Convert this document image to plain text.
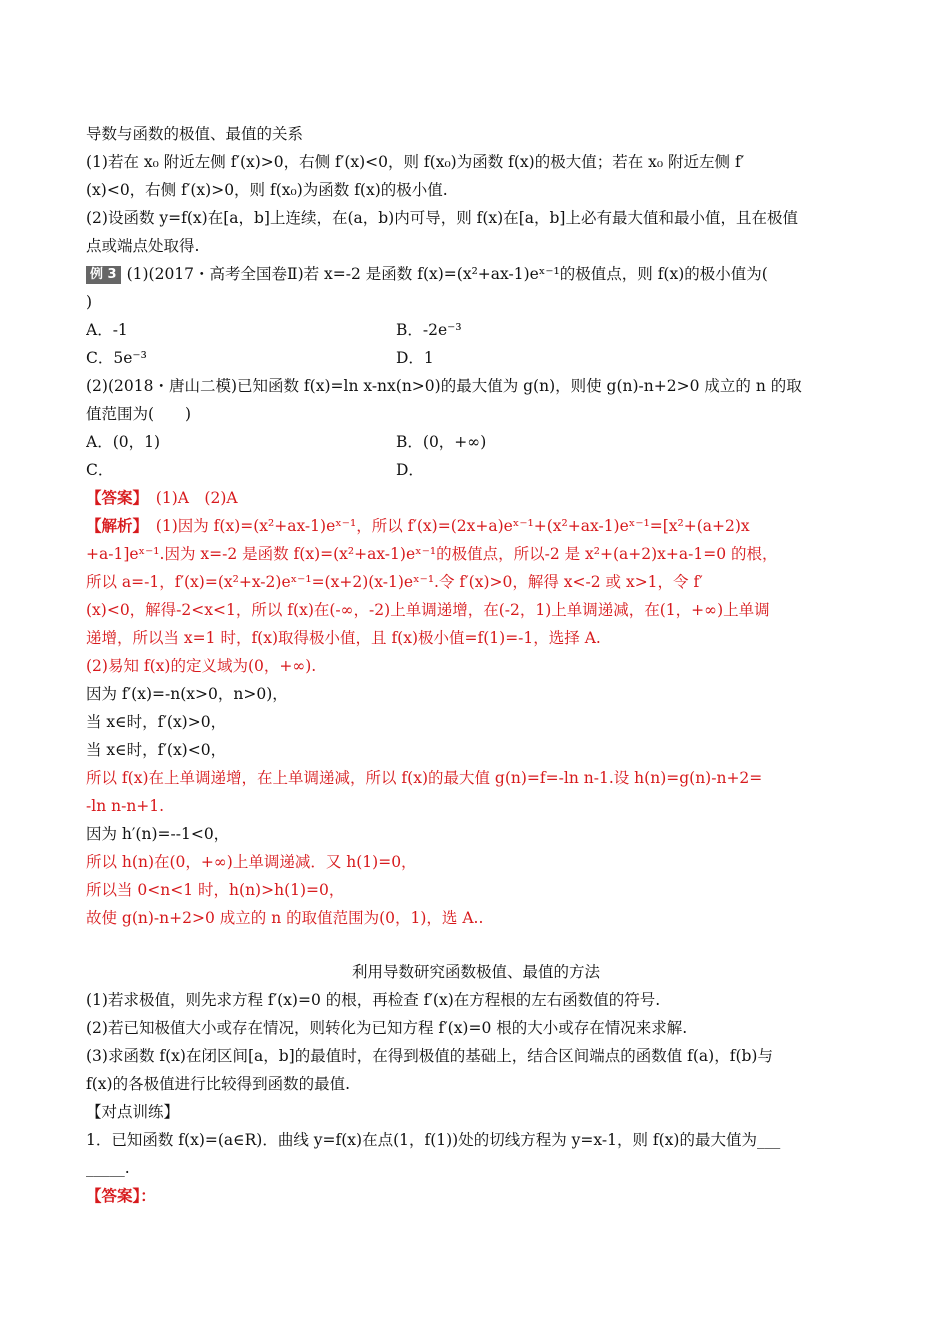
导数与函数的极值、最值的关系
(1)若在 x₀ 附近左侧 f′(x)>0，右侧 f′(x)<0，则 f(x₀)为函数 f(x)的极大值；若在 x₀ 附近左侧 f′
(x)<0，右侧 f′(x)>0，则 f(x₀)为函数 f(x)的极小值.
(2)设函数 y=f(x)在[a，b]上连续，在(a，b)内可导，则 f(x)在[a，b]上必有最大值和最小值，且在极值
点或端点处取得.
例 3 (1)(2017・高考全国卷Ⅱ)若 x=-2 是函数 f(x)=(x²+ax-1)eˣ⁻¹的极值点，则 f(x)的极小值为(
)
A．-1	B．-2e⁻³
C．5e⁻³	D．1
(2)(2018・唐山二模)已知函数 f(x)=ln x-nx(n>0)的最大值为 g(n)，则使 g(n)-n+2>0 成立的 n 的取
值范围为(　　)
A．(0，1)	B．(0，+∞)
C．	D．
【答案】　 (1)A　(2)A
【解析】　 (1)因为 f(x)=(x²+ax-1)eˣ⁻¹，所以 f′(x)=(2x+a)eˣ⁻¹+(x²+ax-1)eˣ⁻¹=[x²+(a+2)x
+a-1]eˣ⁻¹.因为 x=-2 是函数 f(x)=(x²+ax-1)eˣ⁻¹的极值点，所以-2 是 x²+(a+2)x+a-1=0 的根，
所以 a=-1，f′(x)=(x²+x-2)eˣ⁻¹=(x+2)(x-1)eˣ⁻¹.令 f′(x)>0，解得 x<-2 或 x>1，令 f′
(x)<0，解得-2<x<1，所以 f(x)在(-∞，-2)上单调递增，在(-2，1)上单调递减，在(1，+∞)上单调
递增，所以当 x=1 时，f(x)取得极小值，且 f(x)极小值=f(1)=-1，选择 A.
(2)易知 f(x)的定义域为(0，+∞).
因为 f′(x)=-n(x>0，n>0)，
当 x∈时，f′(x)>0，
当 x∈时，f′(x)<0，
所以 f(x)在上单调递增，在上单调递减，所以 f(x)的最大值 g(n)=f=-ln n-1.设 h(n)=g(n)-n+2=
-ln n-n+1.
因为 h′(n)=--1<0，
所以 h(n)在(0，+∞)上单调递减．又 h(1)=0，
所以当 0<n<1 时，h(n)>h(1)=0，
故使 g(n)-n+2>0 成立的 n 的取值范围为(0，1)，选 A..
利用导数研究函数极值、最值的方法
(1)若求极值，则先求方程 f′(x)=0 的根，再检查 f′(x)在方程根的左右函数值的符号.
(2)若已知极值大小或存在情况，则转化为已知方程 f′(x)=0 根的大小或存在情况来求解.
(3)求函数 f(x)在闭区间[a，b]的最值时，在得到极值的基础上，结合区间端点的函数值 f(a)，f(b)与
f(x)的各极值进行比较得到函数的最值.
【对点训练】
1．已知函数 f(x)=(a∈R)．曲线 y=f(x)在点(1，f(1))处的切线方程为 y=x-1，则 f(x)的最大值为___
_____.
【答案】：
